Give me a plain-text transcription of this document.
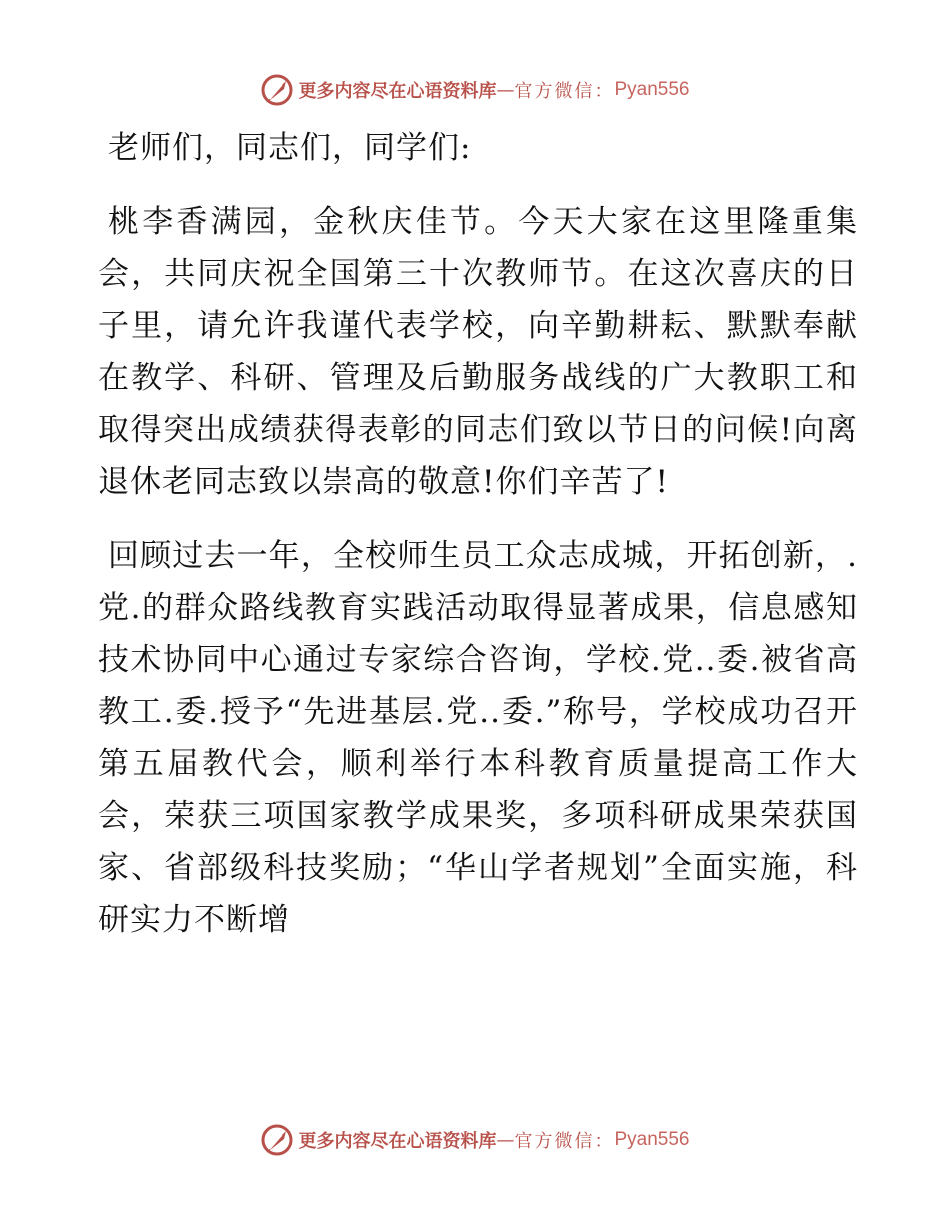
更多内容尽在心语资料库 — 官方微信： Pyan556

老师们，同志们，同学们:

桃李香满园，金秋庆佳节。今天大家在这里隆重集会，共同庆祝全国第三十次教师节。在这次喜庆的日子里，请允许我谨代表学校，向辛勤耕耘、默默奉献在教学、科研、管理及后勤服务战线的广大教职工和取得突出成绩获得表彰的同志们致以节日的问候!向离退休老同志致以崇高的敬意!你们辛苦了!

回顾过去一年，全校师生员工众志成城，开拓创新，.党.的群众路线教育实践活动取得显著成果，信息感知技术协同中心通过专家综合咨询，学校.党..委.被省高教工.委.授予“先进基层.党..委.”称号，学校成功召开第五届教代会，顺利举行本科教育质量提高工作大会，荣获三项国家教学成果奖，多项科研成果荣获国家、省部级科技奖励；“华山学者规划”全面实施，科研实力不断增

更多内容尽在心语资料库 — 官方微信： Pyan556
